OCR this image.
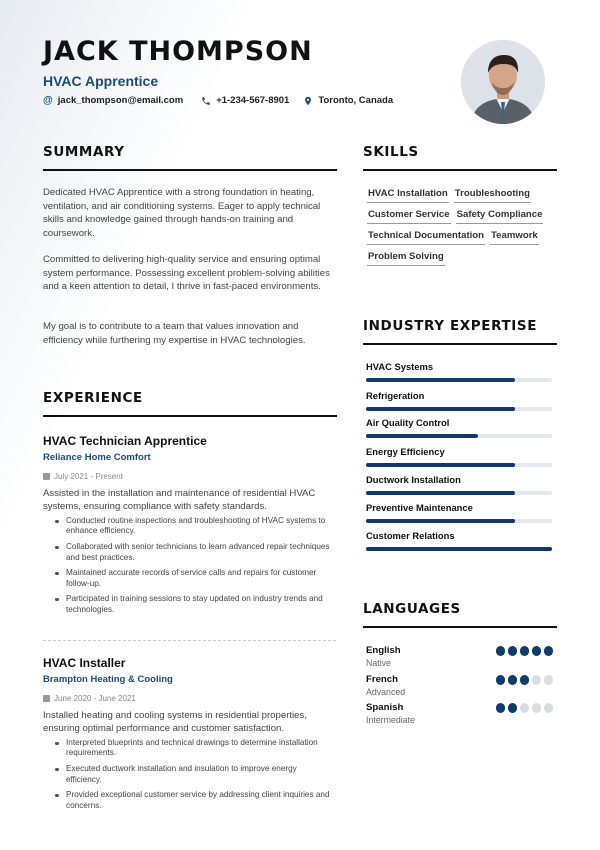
JACK THOMPSON
HVAC Apprentice
@ jack_thompson@email.com	+1-234-567-8901	Toronto, Canada
SUMMARY

Dedicated HVAC Apprentice with a strong foundation in heating, ventilation, and air conditioning systems. Eager to apply technical skills and knowledge gained through hands-on training and coursework.

Committed to delivering high-quality service and ensuring optimal system performance. Possessing excellent problem-solving abilities and a keen attention to detail, I thrive in fast-paced environments.

My goal is to contribute to a team that values innovation and efficiency while furthering my expertise in HVAC technologies.

EXPERIENCE
HVAC Technician Apprentice
Reliance Home Comfort
July 2021 - Present

Assisted in the installation and maintenance of residential HVAC systems, ensuring compliance with safety standards.

Conducted routine inspections and troubleshooting of HVAC systems to enhance efficiency.
Collaborated with senior technicians to learn advanced repair techniques and best practices.
Maintained accurate records of service calls and repairs for customer follow-up.
Participated in training sessions to stay updated on industry trends and technologies.
HVAC Installer
Brampton Heating & Cooling
June 2020 - June 2021

Installed heating and cooling systems in residential properties, ensuring optimal performance and customer satisfaction.

Interpreted blueprints and technical drawings to determine installation requirements.
Executed ductwork installation and insulation to improve energy efficiency.
Provided exceptional customer service by addressing client inquiries and concerns.
SKILLS
HVAC Installation Troubleshooting
Customer Service Safety Compliance
Technical Documentation Teamwork
Problem Solving
INDUSTRY EXPERTISE
HVAC Systems
Refrigeration
Air Quality Control
Energy Efficiency
Ductwork Installation
Preventive Maintenance
Customer Relations
LANGUAGES
English
Native
French
Advanced
Spanish
Intermediate
